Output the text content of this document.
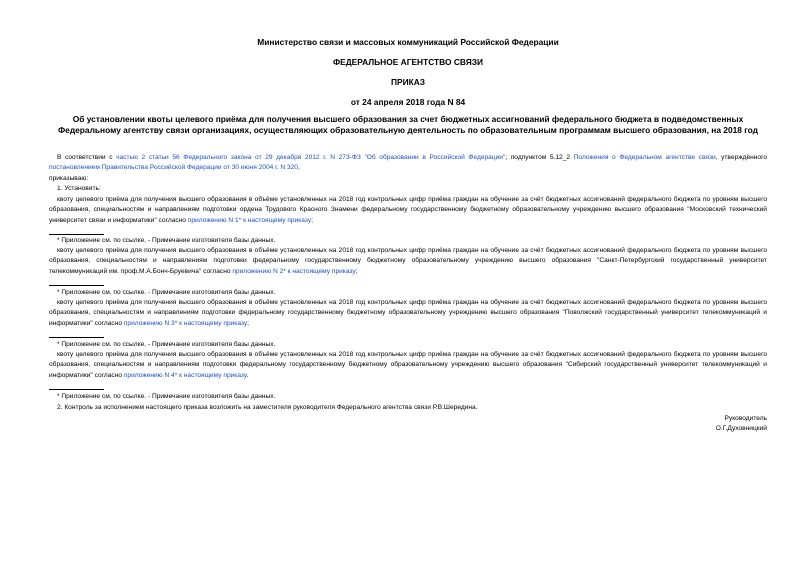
Министерство связи и массовых коммуникаций Российской Федерации
ФЕДЕРАЛЬНОЕ АГЕНТСТВО СВЯЗИ
ПРИКАЗ
от 24 апреля 2018 года N 84
Об установлении квоты целевого приёма для получения высшего образования за счет бюджетных ассигнований федерального бюджета в подведомственных Федеральному агентству связи организациях, осуществляющих образовательную деятельность по образовательным программам высшего образования, на 2018 год
В соответствии с частью 2 статьи 56 Федерального закона от 29 декабря 2012 г. N 273-ФЗ "Об образовании в Российской Федерации"; подпунктом 5.12_2 Положения о Федеральном агентстве связи, утверждённого постановлением Правительства Российской Федерации от 30 июня 2004 г. N 320,
приказываю:
1. Установить:
квоту целевого приёма для получения высшего образования в объёме установленных на 2018 год контрольных цифр приёма граждан на обучение за счёт бюджетных ассигнований федерального бюджета по уровням высшего образования, специальностям и направлениям подготовки ордена Трудового Красного Знамени федеральному государственному бюджетному образовательному учреждению высшего образования "Московский технический университет связи и информатики" согласно приложению N 1* к настоящему приказу;
* Приложение см. по ссылке. - Примечание изготовителя базы данных.
квоту целевого приёма для получения высшего образования в объёме установленных на 2018 год контрольных цифр приёма граждан на обучение за счёт бюджетных ассигнований федерального бюджета по уровням высшего образования, специальностям и направлениям подготовки федеральному государственному бюджетному образовательному учреждению высшего образования "Санкт-Петербургский государственный университет телекоммуникаций им. проф.М.А.Бонч-Бруевича" согласно приложению N 2* к настоящему приказу;
* Приложение см. по ссылке. - Примечание изготовителя базы данных.
квоту целевого приёма для получения высшего образования в объёме установленных на 2018 год контрольных цифр приёма граждан на обучение за счёт бюджетных ассигнований федерального бюджета по уровням высшего образования, специальностям и направлениям подготовки федеральному государственному бюджетному образовательному учреждению высшего образования "Поволжский государственный университет телекоммуникаций и информатики" согласно приложению N 3* к настоящему приказу;
* Приложение см. по ссылке. - Примечание изготовителя базы данных.
квоту целевого приёма для получения высшего образования в объёме установленных на 2018 год контрольных цифр приёма граждан на обучение за счёт бюджетных ассигнований федерального бюджета по уровням высшего образования, специальностям и направлениям подготовки федеральному государственному бюджетному образовательному учреждению высшего образования "Сибирский государственный университет телекоммуникаций и информатики" согласно приложению N 4* к настоящему приказу.
* Приложение см. по ссылке. - Примечание изготовителя базы данных.
2. Контроль за исполнением настоящего приказа возложить на заместителя руководителя Федерального агентства связи Р.В.Шередина.
Руководитель
О.Г.Духовницкий
